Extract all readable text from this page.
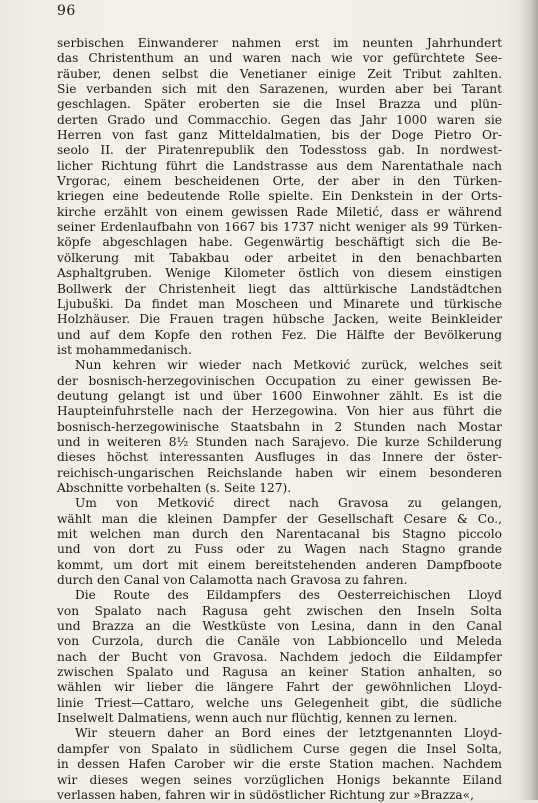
96
serbischen Einwanderer nahmen erst im neunten Jahrhundert
das Christenthum an und waren nach wie vor gefürchtete See-
räuber, denen selbst die Venetianer einige Zeit Tribut zahlten.
Sie verbanden sich mit den Sarazenen, wurden aber bei Tarant
geschlagen. Später eroberten sie die Insel Brazza und plün-
derten Grado und Commacchio. Gegen das Jahr 1000 waren sie
Herren von fast ganz Mitteldalmatien, bis der Doge Pietro Or-
seolo II. der Piratenrepublik den Todesstoss gab. In nordwest-
licher Richtung führt die Landstrasse aus dem Narentathale nach
Vrgorac, einem bescheidenen Orte, der aber in den Türken-
kriegen eine bedeutende Rolle spielte. Ein Denkstein in der Orts-
kirche erzählt von einem gewissen Rade Miletić, dass er während
seiner Erdenlaufbahn von 1667 bis 1737 nicht weniger als 99 Türken-
köpfe abgeschlagen habe. Gegenwärtig beschäftigt sich die Be-
völkerung mit Tabakbau oder arbeitet in den benachbarten
Asphaltgruben. Wenige Kilometer östlich von diesem einstigen
Bollwerk der Christenheit liegt das alttürkische Landstädtchen
Ljubuški. Da findet man Moscheen und Minarete und türkische
Holzhäuser. Die Frauen tragen hübsche Jacken, weite Beinkleider
und auf dem Kopfe den rothen Fez. Die Hälfte der Bevölkerung
ist mohammedanisch.
Nun kehren wir wieder nach Metković zurück, welches seit
der bosnisch-herzegovinischen Occupation zu einer gewissen Be-
deutung gelangt ist und über 1600 Einwohner zählt. Es ist die
Haupteinfuhrstelle nach der Herzegowina. Von hier aus führt die
bosnisch-herzegowinische Staatsbahn in 2 Stunden nach Mostar
und in weiteren 8½ Stunden nach Sarajevo. Die kurze Schilderung
dieses höchst interessanten Ausfluges in das Innere der öster-
reichisch-ungarischen Reichslande haben wir einem besonderen
Abschnitte vorbehalten (s. Seite 127).
Um von Metković direct nach Gravosa zu gelangen,
wählt man die kleinen Dampfer der Gesellschaft Cesare & Co.,
mit welchen man durch den Narentacanal bis Stagno piccolo
und von dort zu Fuss oder zu Wagen nach Stagno grande
kommt, um dort mit einem bereitstehenden anderen Dampfboote
durch den Canal von Calamotta nach Gravosa zu fahren.
Die Route des Eildampfers des Oesterreichischen Lloyd
von Spalato nach Ragusa geht zwischen den Inseln Solta
und Brazza an die Westküste von Lesina, dann in den Canal
von Curzola, durch die Canäle von Labbioncello und Meleda
nach der Bucht von Gravosa. Nachdem jedoch die Eildampfer
zwischen Spalato und Ragusa an keiner Station anhalten, so
wählen wir lieber die längere Fahrt der gewöhnlichen Lloyd-
linie Triest—Cattaro, welche uns Gelegenheit gibt, die südliche
Inselwelt Dalmatiens, wenn auch nur flüchtig, kennen zu lernen.
Wir steuern daher an Bord eines der letztgenannten Lloyd-
dampfer von Spalato in südlichem Curse gegen die Insel Solta,
in dessen Hafen Carober wir die erste Station machen. Nachdem
wir dieses wegen seines vorzüglichen Honigs bekannte Eiland
verlassen haben, fahren wir in südöstlicher Richtung zur »Brazza«,
